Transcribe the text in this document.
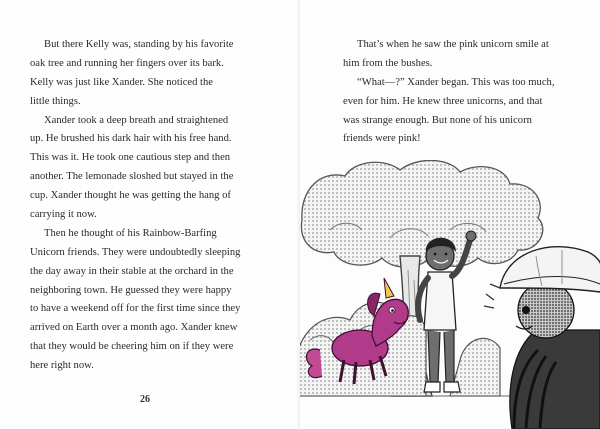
But there Kelly was, standing by his favorite
oak tree and running her fingers over its bark.
Kelly was just like Xander. She noticed the
little things.
Xander took a deep breath and straightened
up. He brushed his dark hair with his free hand.
This was it. He took one cautious step and then
another. The lemonade sloshed but stayed in the
cup. Xander thought he was getting the hang of
carrying it now.
Then he thought of his Rainbow-Barfing
Unicorn friends. They were undoubtedly sleeping
the day away in their stable at the orchard in the
neighboring town. He guessed they were happy
to have a weekend off for the first time since they
arrived on Earth over a month ago. Xander knew
that they would be cheering him on if they were
here right now.
26
That’s when he saw the pink unicorn smile at
him from the bushes.
“What—?” Xander began. This was too much,
even for him. He knew three unicorns, and that
was strange enough. But none of his unicorn
friends were pink!
